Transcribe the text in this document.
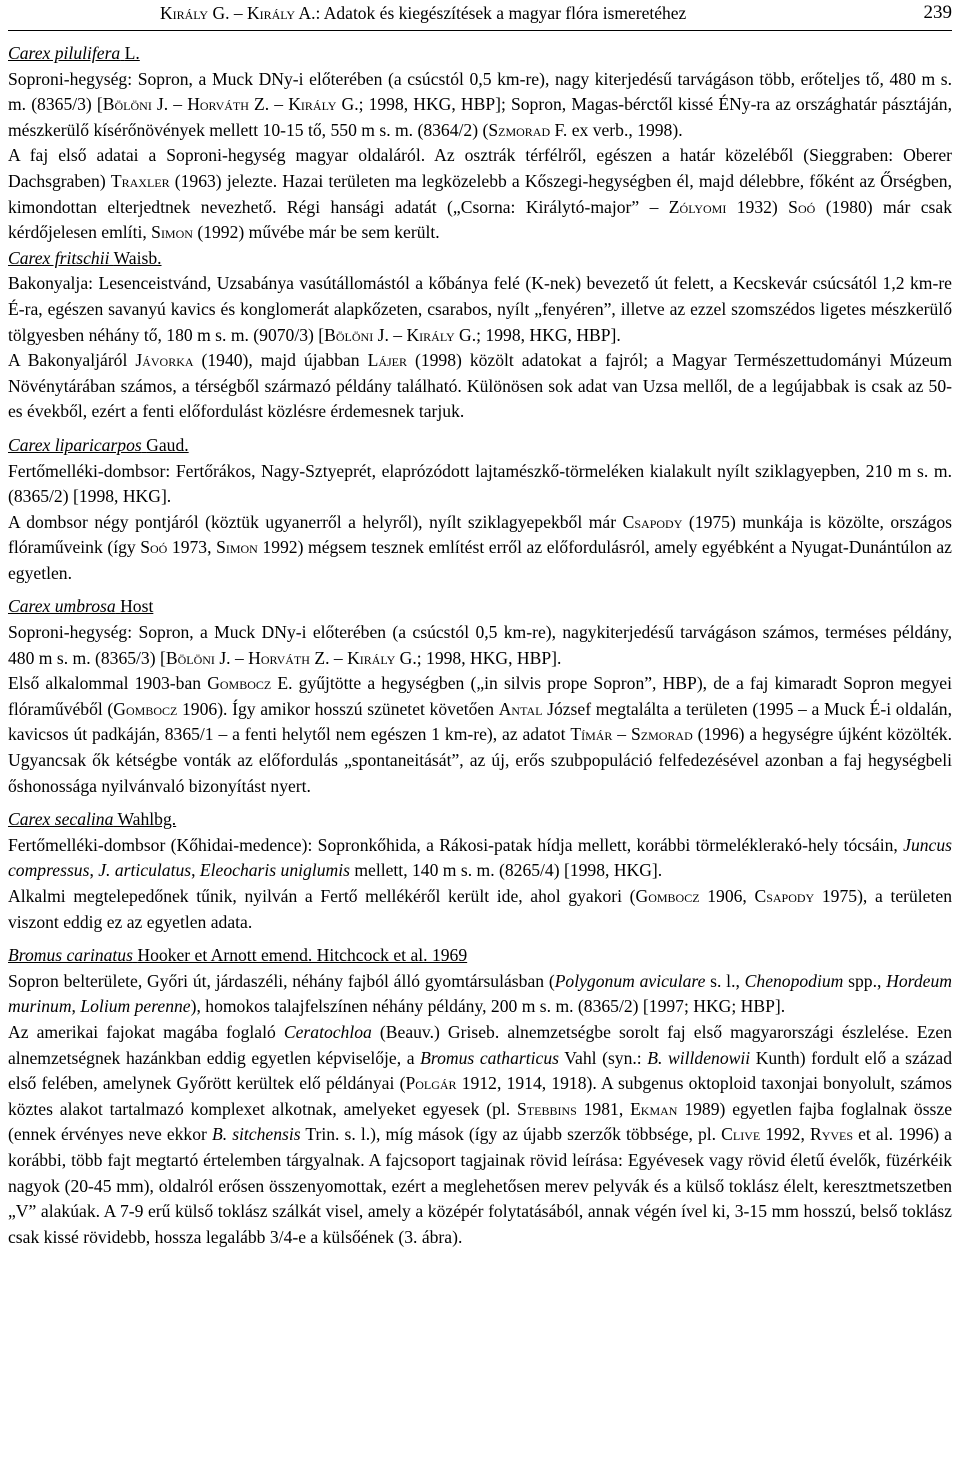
Király G. – Király A.: Adatok és kiegészítések a magyar flóra ismeretéhez	239

Carex pilulifera L.

Soproni-hegység: Sopron, a Muck DNy-i előterében (a csúcstól 0,5 km-re), nagy kiterjedésű tarvágáson több, erőteljes tő, 480 m s. m. (8365/3) [Bölöni J. – Horváth Z. – Király G.; 1998, HKG, HBP]; Sopron, Magas-bérctől kissé ÉNy-ra az országhatár pásztáján, mészkerülő kísérőnövények mellett 10-15 tő, 550 m s. m. (8364/2) (Szmorad F. ex verb., 1998).

A faj első adatai a Soproni-hegység magyar oldaláról. Az osztrák térfélről, egészen a határ közeléből (Sieggraben: Oberer Dachsgraben) Traxler (1963) jelezte. Hazai területen ma legközelebb a Kőszegi-hegységben él, majd délebbre, főként az Őrségben, kimondottan elterjedtnek nevezhető. Régi hansági adatát („Csorna: Királytó-major” – Zólyomi 1932) Soó (1980) már csak kérdőjelesen említi, Simon (1992) művébe már be sem került.

Carex fritschii Waisb.

Bakonyalja: Lesenceistvánd, Uzsabánya vasútállomástól a kőbánya felé (K-nek) bevezető út felett, a Kecskevár csúcsától 1,2 km-re É-ra, egészen savanyú kavics és konglomerát alapkőzeten, csarabos, nyílt „fenyéren”, illetve az ezzel szomszédos ligetes mészkerülő tölgyesben néhány tő, 180 m s. m. (9070/3) [Bölöni J. – Király G.; 1998, HKG, HBP].

A Bakonyaljáról Jávorka (1940), majd újabban Lájer (1998) közölt adatokat a fajról; a Magyar Természettudományi Múzeum Növénytárában számos, a térségből származó példány található. Különösen sok adat van Uzsa mellől, de a legújabbak is csak az 50-es évekből, ezért a fenti előfordulást közlésre érdemesnek tarjuk.

Carex liparicarpos Gaud.

Fertőmelléki-dombsor: Fertőrákos, Nagy-Sztyeprét, elaprózódott lajtamészkő-törmeléken kialakult nyílt sziklagyepben, 210 m s. m. (8365/2) [1998, HKG].

A dombsor négy pontjáról (köztük ugyanerről a helyről), nyílt sziklagyepekből már Csapody (1975) munkája is közölte, országos flóraműveink (így Soó 1973, Simon 1992) mégsem tesznek említést erről az előfordulásról, amely egyébként a Nyugat-Dunántúlon az egyetlen.

Carex umbrosa Host

Soproni-hegység: Sopron, a Muck DNy-i előterében (a csúcstól 0,5 km-re), nagykiterjedésű tarvágáson számos, terméses példány, 480 m s. m. (8365/3) [Bölöni J. – Horváth Z. – Király G.; 1998, HKG, HBP].

Első alkalommal 1903-ban Gombocz E. gyűjtötte a hegységben („in silvis prope Sopron”, HBP), de a faj kimaradt Sopron megyei flóraművéből (Gombocz 1906). Így amikor hosszú szünetet követően Antal József megtalálta a területen (1995 – a Muck É-i oldalán, kavicsos út padkáján, 8365/1 – a fenti helytől nem egészen 1 km-re), az adatot Tímár – Szmorad (1996) a hegységre újként közölték. Ugyancsak ők kétségbe vonták az előfordulás „spontaneitását”, az új, erős szubpopuláció felfedezésével azonban a faj hegységbeli őshonossága nyilvánvaló bizonyítást nyert.

Carex secalina Wahlbg.

Fertőmelléki-dombsor (Kőhidai-medence): Sopronkőhida, a Rákosi-patak hídja mellett, korábbi törmeléklerakó-hely tócsáin, Juncus compressus, J. articulatus, Eleocharis uniglumis mellett, 140 m s. m. (8265/4) [1998, HKG].

Alkalmi megtelepedőnek tűnik, nyilván a Fertő mellékéről került ide, ahol gyakori (Gombocz 1906, Csapody 1975), a területen viszont eddig ez az egyetlen adata.

Bromus carinatus Hooker et Arnott emend. Hitchcock et al. 1969

Sopron belterülete, Győri út, járdaszéli, néhány fajból álló gyomtársulásban (Polygonum aviculare s. l., Chenopodium spp., Hordeum murinum, Lolium perenne), homokos talajfelszínen néhány példány, 200 m s. m. (8365/2) [1997; HKG; HBP].

Az amerikai fajokat magába foglaló Ceratochloa (Beauv.) Griseb. alnemzetségbe sorolt faj első magyarországi észlelése. Ezen alnemzetségnek hazánkban eddig egyetlen képviselője, a Bromus catharticus Vahl (syn.: B. willdenowii Kunth) fordult elő a század első felében, amelynek Győrött kerültek elő példányai (Polgár 1912, 1914, 1918). A subgenus oktoploid taxonjai bonyolult, számos köztes alakot tartalmazó komplexet alkotnak, amelyeket egyesek (pl. Stebbins 1981, Ekman 1989) egyetlen fajba foglalnak össze (ennek érvényes neve ekkor B. sitchensis Trin. s. l.), míg mások (így az újabb szerzők többsége, pl. Clive 1992, Ryves et al. 1996) a korábbi, több fajt megtartó értelemben tárgyalnak. A fajcsoport tagjainak rövid leírása: Egyévesek vagy rövid életű évelők, füzérkéik nagyok (20-45 mm), oldalról erősen összenyomottak, ezért a meglehetősen merev pelyvák és a külső toklász élelt, keresztmetszetben „V” alakúak. A 7-9 erű külső toklász szálkát visel, amely a középér folytatásából, annak végén ível ki, 3-15 mm hosszú, belső toklász csak kissé rövidebb, hossza legalább 3/4-e a külsőének (3. ábra).
